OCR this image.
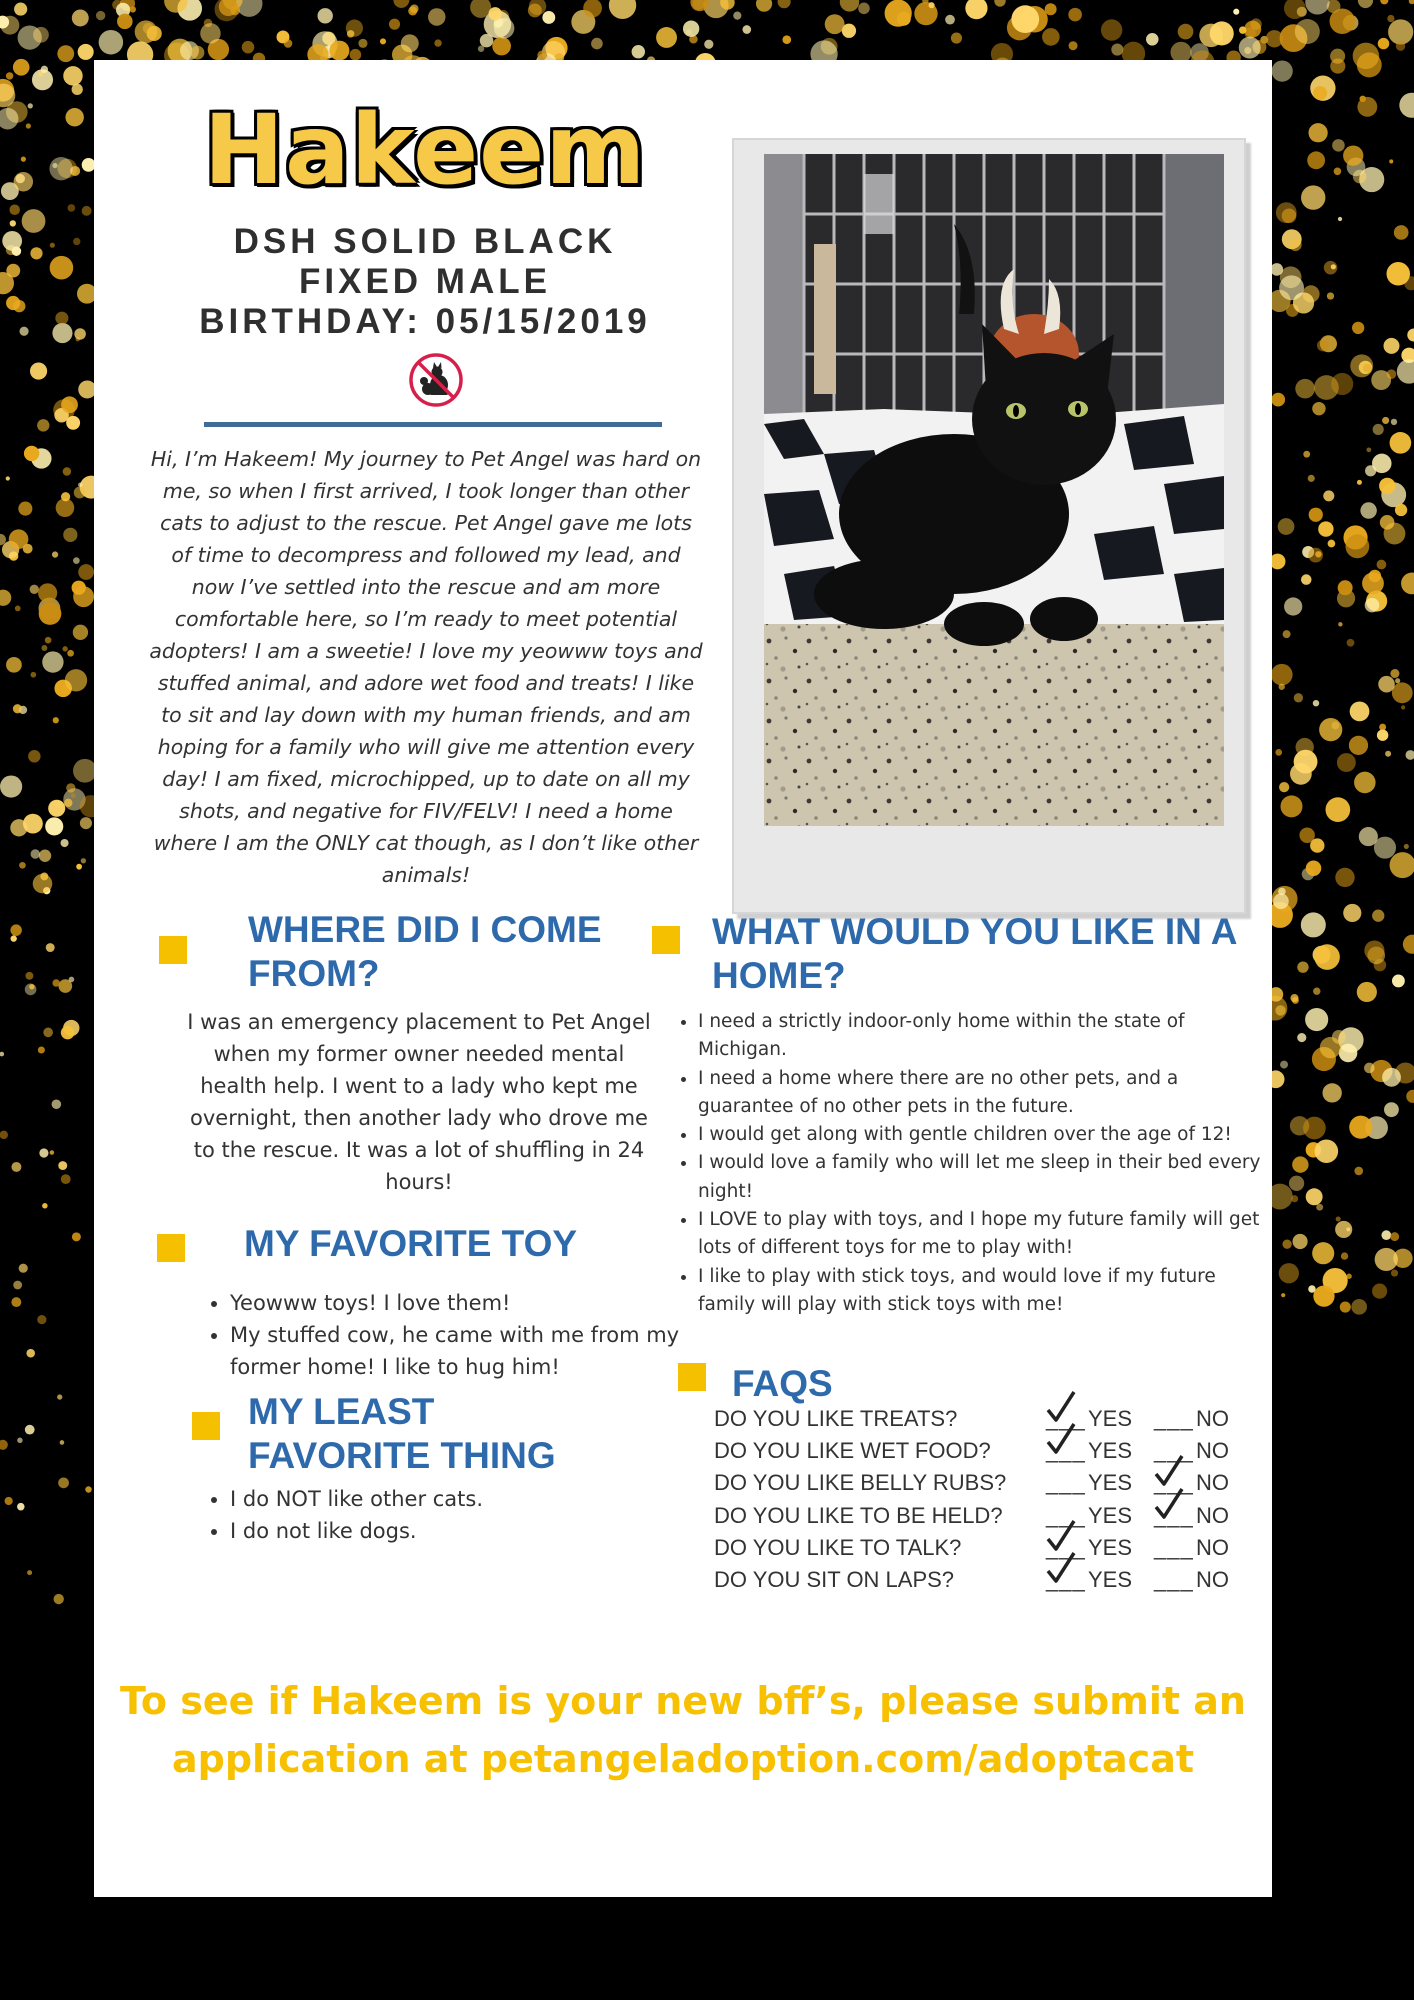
Hakeem
DSH SOLID BLACK
FIXED MALE
BIRTHDAY: 05/15/2019

Hi, I’m Hakeem! My journey to Pet Angel was hard on me, so when I first arrived, I took longer than other cats to adjust to the rescue. Pet Angel gave me lots of time to decompress and followed my lead, and now I’ve settled into the rescue and am more comfortable here, so I’m ready to meet potential adopters! I am a sweetie! I love my yeowww toys and stuffed animal, and adore wet food and treats! I like to sit and lay down with my human friends, and am hoping for a family who will give me attention every day! I am fixed, microchipped, up to date on all my shots, and negative for FIV/FELV! I need a home where I am the ONLY cat though, as I don’t like other animals!

WHERE DID I COME
FROM?

I was an emergency placement to Pet Angel when my former owner needed mental health help. I went to a lady who kept me overnight, then another lady who drove me to the rescue. It was a lot of shuffling in 24 hours!

MY FAVORITE TOY
• Yeowww toys! I love them!
• My stuffed cow, he came with me from my former home! I like to hug him!
MY LEAST
FAVORITE THING
• I do NOT like other cats.
• I do not like dogs.
WHAT WOULD YOU LIKE IN A
HOME?
• I need a strictly indoor-only home within the state of Michigan.
• I need a home where there are no other pets, and a guarantee of no other pets in the future.
• I would get along with gentle children over the age of 12!
• I would love a family who will let me sleep in their bed every night!
• I LOVE to play with toys, and I hope my future family will get lots of different toys for me to play with!
• I like to play with stick toys, and would love if my future family will play with stick toys with me!
FAQS
DO YOU LIKE TREATS?	___ YES ___ NO
DO YOU LIKE WET FOOD?	___ YES ___ NO
DO YOU LIKE BELLY RUBS? ___ YES ___ NO
DO YOU LIKE TO BE HELD? ___ YES ___ NO
DO YOU LIKE TO TALK?	___ YES ___ NO
DO YOU SIT ON LAPS?	___ YES ___ NO

To see if Hakeem is your new bff’s, please submit an
application at petangeladoption.com/adoptacat
